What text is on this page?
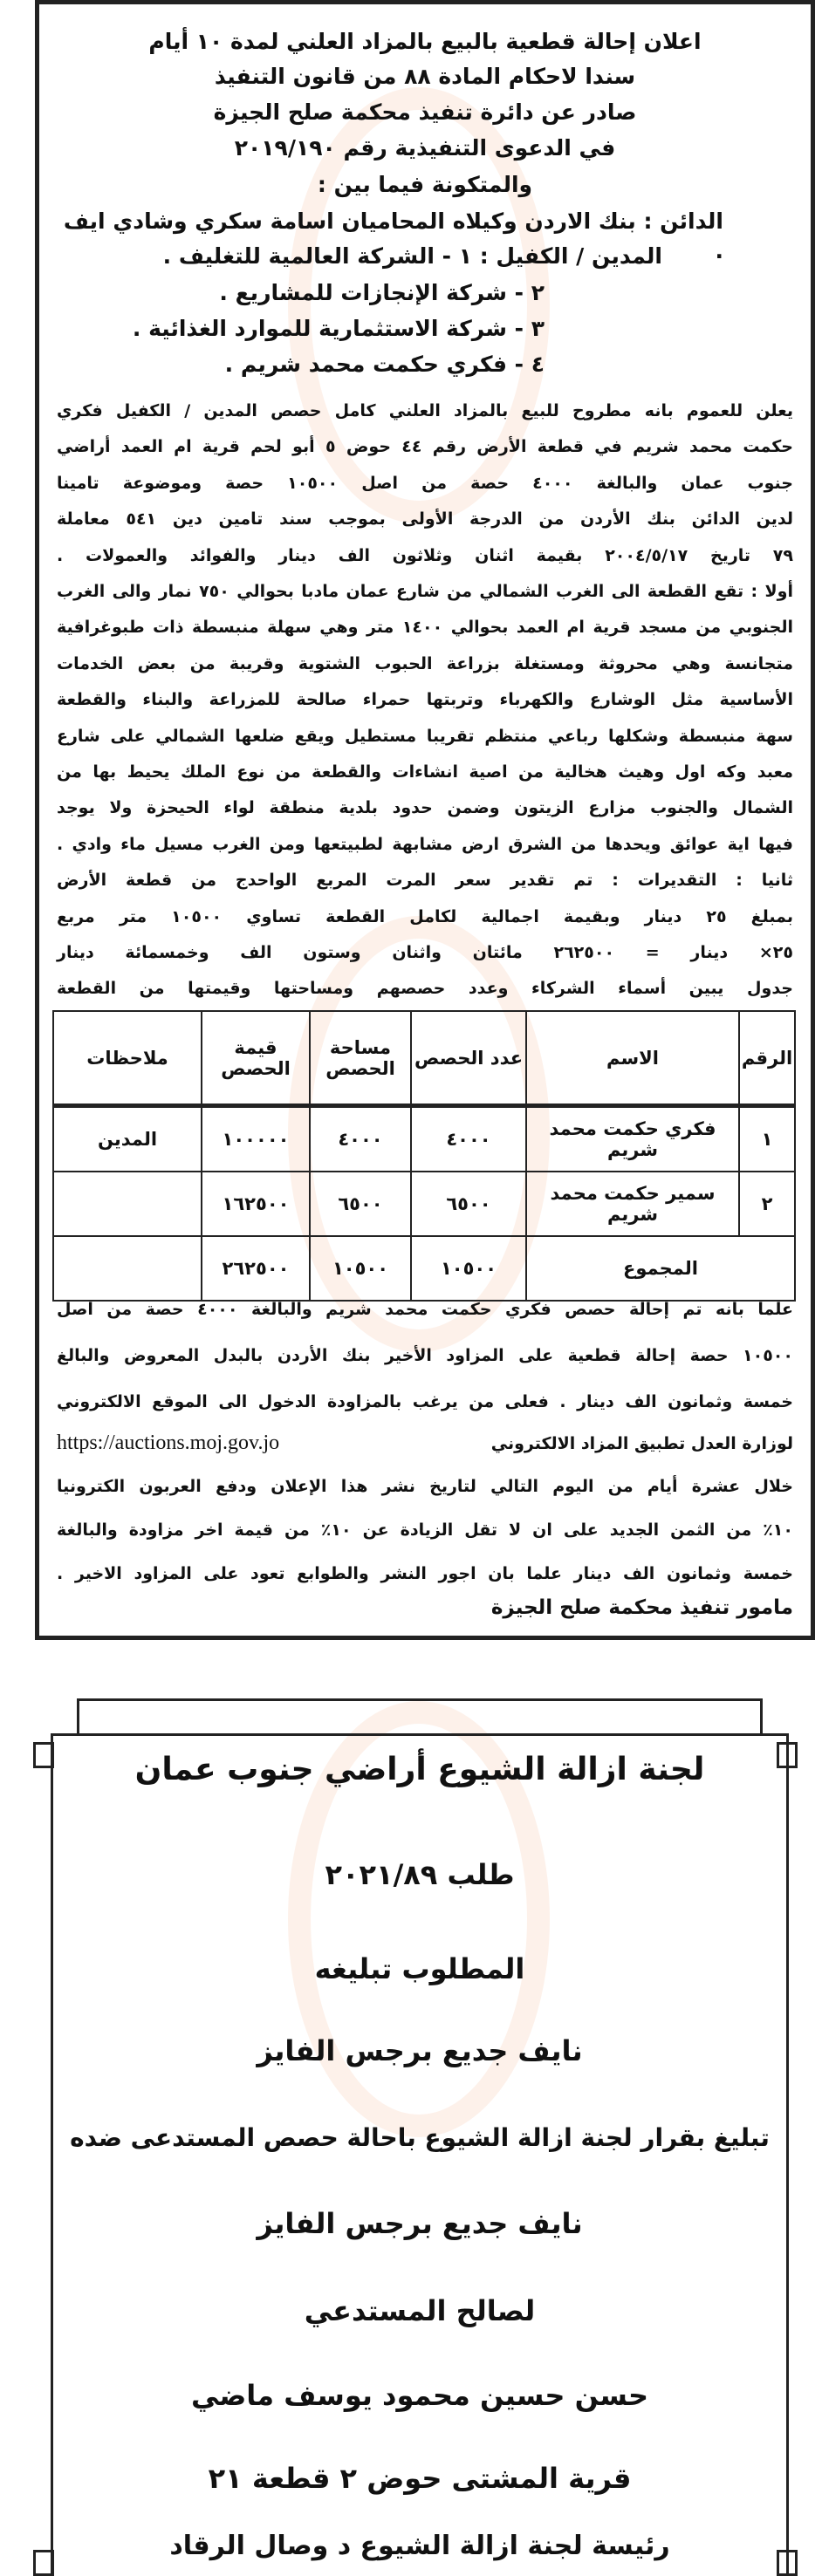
اعلان إحالة قطعية بالبيع بالمزاد العلني لمدة ١٠ أيام
سندا لاحكام المادة ٨٨ من قانون التنفيذ
صادر عن دائرة تنفيذ محكمة صلح الجيزة
في الدعوى التنفيذية رقم ٢٠١٩/١٩٠
والمتكونة فيما بين :
الدائن : بنك الاردن وكيلاه المحاميان اسامة سكري وشادي ايف .
المدين / الكفيل : ١ - الشركة العالمية للتغليف .
٢ - شركة الإنجازات للمشاريع .
٣ - شركة الاستثمارية للموارد الغذائية .
٤ - فكري حكمت محمد شريم .
يعلن للعموم بانه مطروح للبيع بالمزاد العلني كامل حصص المدين / الكفيل فكري
حكمت محمد شريم في قطعة الأرض رقم ٤٤ حوض ٥ أبو لحم قرية ام العمد أراضي
جنوب عمان والبالغة ٤٠٠٠ حصة من اصل ١٠٥٠٠ حصة وموضوعة تامينا
لدين الدائن بنك الأردن من الدرجة الأولى بموجب سند تامين دين ٥٤١ معاملة
٧٩ تاريخ ٢٠٠٤/٥/١٧ بقيمة اثنان وثلاثون الف دينار والفوائد والعمولات .
أولا : تقع القطعة الى الغرب الشمالي من شارع عمان مادبا بحوالي ٧٥٠ نمار والى الغرب
الجنوبي من مسجد قرية ام العمد بحوالي ١٤٠٠ متر وهي سهلة منبسطة ذات طبوغرافية
متجانسة وهي محروثة ومستغلة بزراعة الحبوب الشتوية وقريبة من بعض الخدمات
الأساسية مثل الوشارع والكهرباء وتربتها حمراء صالحة للمزراعة والبناء والقطعة
سهة منبسطة وشكلها رباعي منتظم تقريبا مستطيل ويقع ضلعها الشمالي على شارع
معبد وكه اول وهيث هخالية من اصية انشاءات والقطعة من نوع الملك يحيط بها من
الشمال والجنوب مزارع الزيتون وضمن حدود بلدية منطقة لواء الحيحزة ولا يوجد
فيها اية عوائق ويحدها من الشرق ارض مشابهة لطبيتعها ومن الغرب مسيل ماء وادي .
ثانيا : التقديرات : تم تقدير سعر المرت المربع الواحدج من قطعة الأرض
بمبلغ ٢٥ دينار وبقيمة اجمالية لكامل القطعة تساوي ١٠٥٠٠ متر مربع
٢٥× دينار = ٢٦٢٥٠٠ مائتان واثنان وستون الف وخمسمائة دينار
جدول يبين أسماء الشركاء وعدد حصصهم ومساحتها وقيمتها من القطعة
الرقم	الاسم	عدد الحصص	مساحة الحصص	قيمة الحصص	ملاحظات
١	فكري حكمت محمد شريم	٤٠٠٠	٤٠٠٠	١٠٠٠٠٠	المدين
٢	سمير حكمت محمد شريم	٦٥٠٠	٦٥٠٠	١٦٢٥٠٠	
المجموع		١٠٥٠٠	١٠٥٠٠	٢٦٢٥٠٠	
علما بانه تم إحالة حصص فكري حكمت محمد شريم والبالغة ٤٠٠٠ حصة من اصل
١٠٥٠٠ حصة إحالة قطعية على المزاود الأخير بنك الأردن بالبدل المعروض والبالغ
خمسة وثمانون الف دينار . فعلى من يرغب بالمزاودة الدخول الى الموقع الالكتروني
لوزارة العدل تطبيق المزاد الالكتروني
https://auctions.moj.gov.jo
خلال عشرة أيام من اليوم التالي لتاريخ نشر هذا الإعلان ودفع العربون الكترونيا
١٠٪ من الثمن الجديد على ان لا تقل الزيادة عن ١٠٪ من قيمة اخر مزاودة والبالغة
خمسة وثمانون الف دينار علما بان اجور النشر والطوابع تعود على المزاود الاخير .
مامور تنفيذ محكمة صلح الجيزة
لجنة ازالة الشيوع أراضي جنوب عمان
طلب ٢٠٢١/٨٩
المطلوب تبليغه
نايف جديع برجس الفايز
تبليغ بقرار لجنة ازالة الشيوع باحالة حصص المستدعى ضده
نايف جديع برجس الفايز
لصالح المستدعي
حسن حسين محمود يوسف ماضي
قرية المشتى حوض ٢ قطعة ٢١
رئيسة لجنة ازالة الشيوع د وصال الرقاد
